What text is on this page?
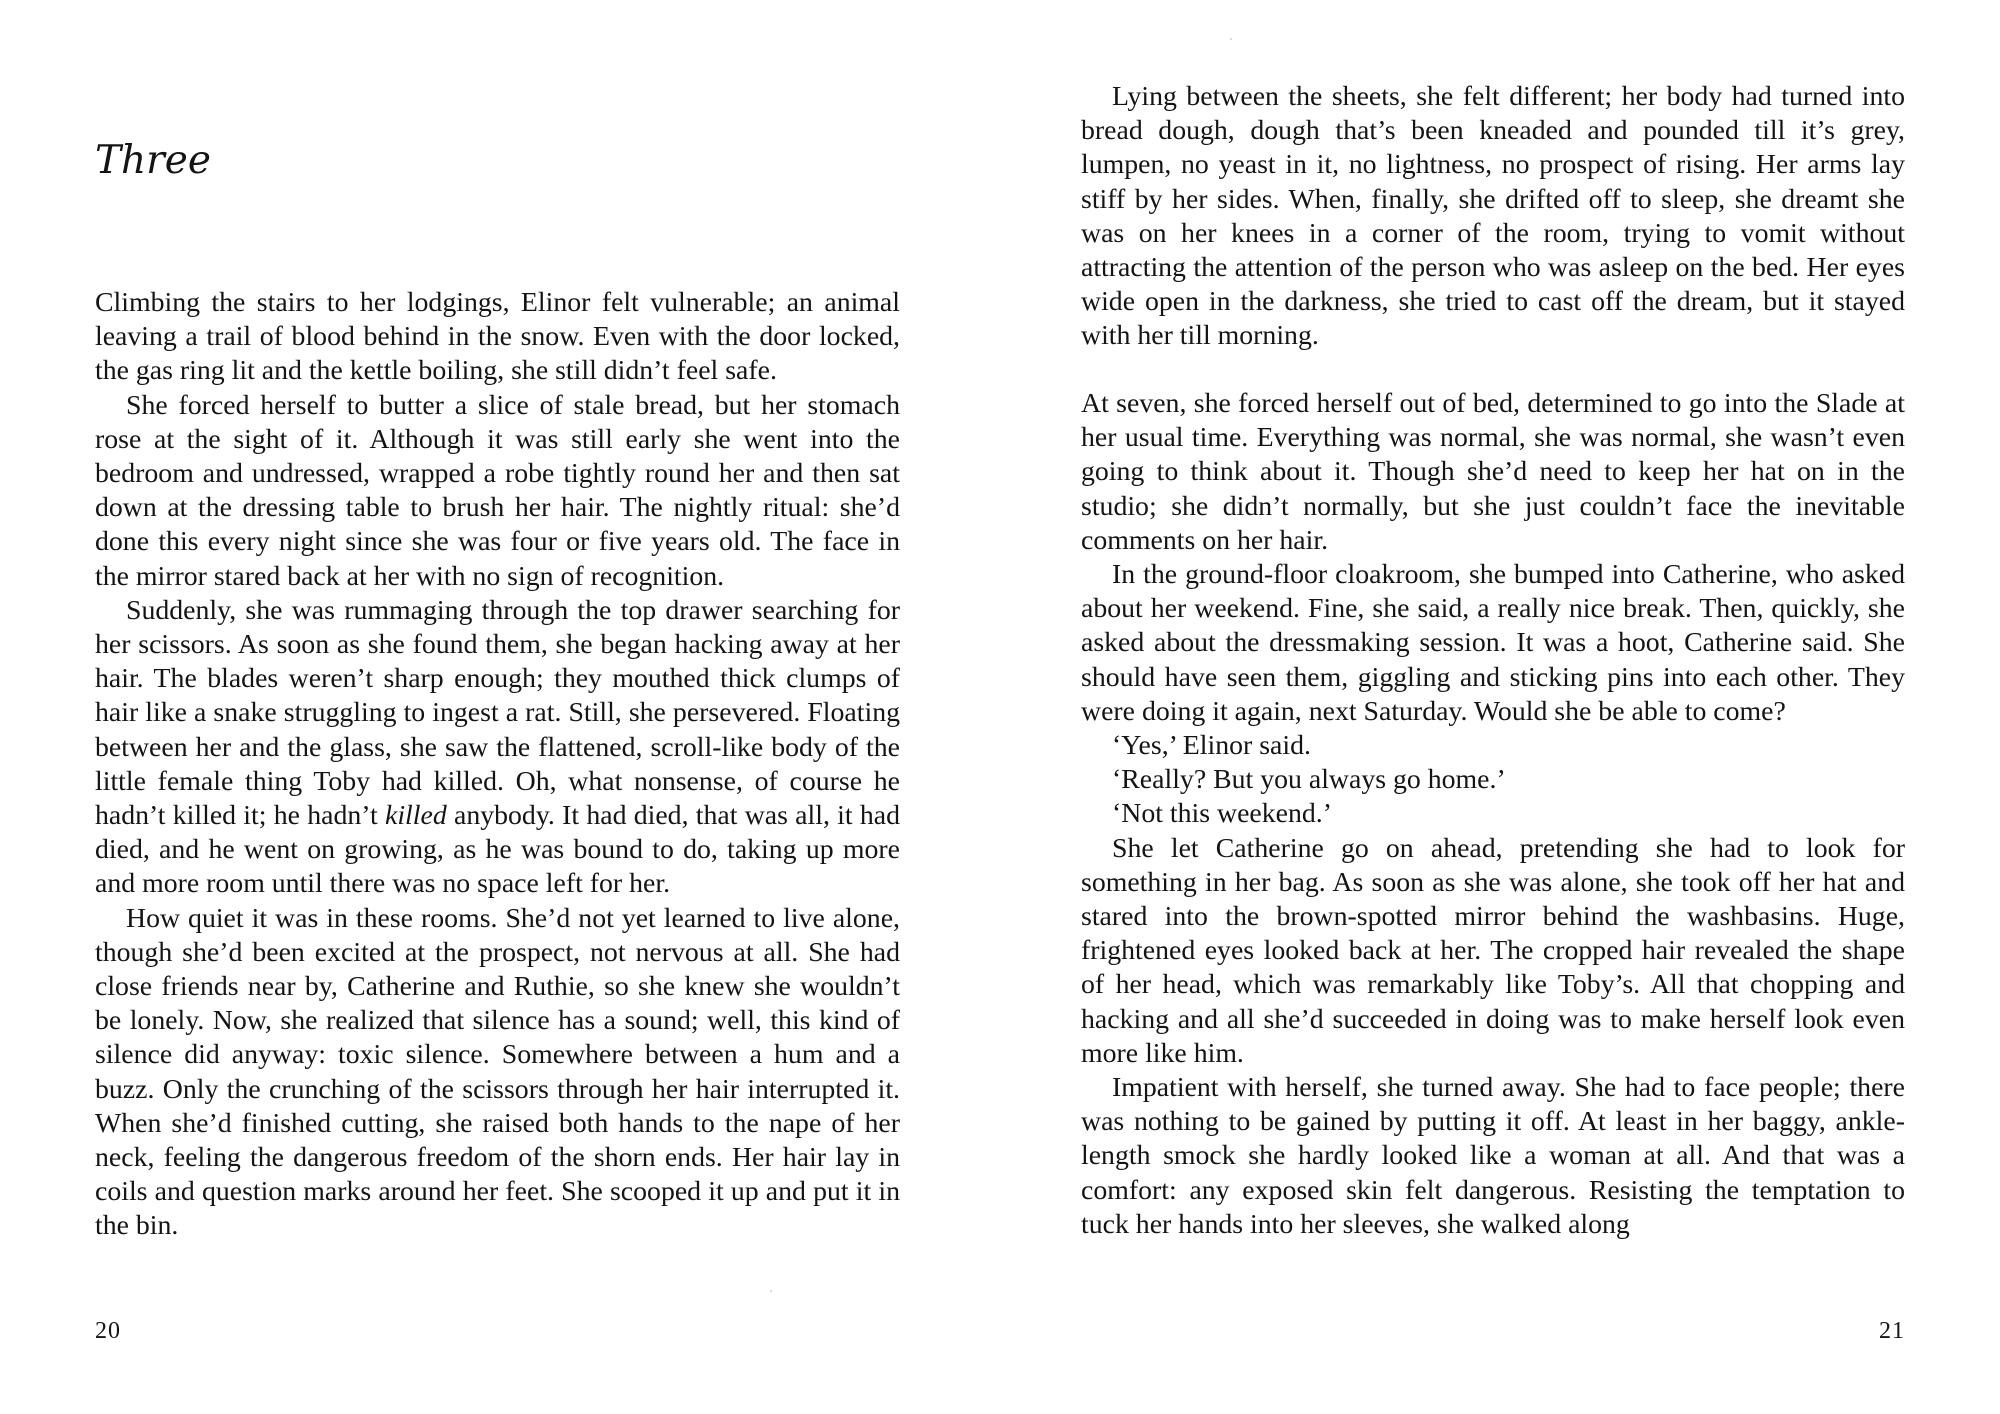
Three

Climbing the stairs to her lodgings, Elinor felt vulnerable; an animal leaving a trail of blood behind in the snow. Even with the door locked, the gas ring lit and the kettle boiling, she still didn’t feel safe.

She forced herself to butter a slice of stale bread, but her stomach rose at the sight of it. Although it was still early she went into the bedroom and undressed, wrapped a robe tightly round her and then sat down at the dressing table to brush her hair. The nightly ritual: she’d done this every night since she was four or five years old. The face in the mirror stared back at her with no sign of recognition.

Suddenly, she was rummaging through the top drawer searching for her scissors. As soon as she found them, she began hacking away at her hair. The blades weren’t sharp enough; they mouthed thick clumps of hair like a snake struggling to ingest a rat. Still, she persevered. Floating between her and the glass, she saw the flattened, scroll-like body of the little female thing Toby had killed. Oh, what nonsense, of course he hadn’t killed it; he hadn’t killed anybody. It had died, that was all, it had died, and he went on growing, as he was bound to do, taking up more and more room until there was no space left for her.

How quiet it was in these rooms. She’d not yet learned to live alone, though she’d been excited at the prospect, not nervous at all. She had close friends near by, Catherine and Ruthie, so she knew she wouldn’t be lonely. Now, she realized that silence has a sound; well, this kind of silence did anyway: toxic silence. Somewhere between a hum and a buzz. Only the crunching of the scissors through her hair interrupted it. When she’d finished cutting, she raised both hands to the nape of her neck, feeling the dangerous freedom of the shorn ends. Her hair lay in coils and question marks around her feet. She scooped it up and put it in the bin.

20

Lying between the sheets, she felt different; her body had turned into bread dough, dough that’s been kneaded and pounded till it’s grey, lumpen, no yeast in it, no lightness, no prospect of rising. Her arms lay stiff by her sides. When, finally, she drifted off to sleep, she dreamt she was on her knees in a corner of the room, trying to vomit without attracting the attention of the person who was asleep on the bed. Her eyes wide open in the darkness, she tried to cast off the dream, but it stayed with her till morning.

At seven, she forced herself out of bed, determined to go into the Slade at her usual time. Everything was normal, she was normal, she wasn’t even going to think about it. Though she’d need to keep her hat on in the studio; she didn’t normally, but she just couldn’t face the inevitable comments on her hair.

In the ground-floor cloakroom, she bumped into Catherine, who asked about her weekend. Fine, she said, a really nice break. Then, quickly, she asked about the dressmaking session. It was a hoot, Catherine said. She should have seen them, giggling and sticking pins into each other. They were doing it again, next Saturday. Would she be able to come?

‘Yes,’ Elinor said.

‘Really? But you always go home.’

‘Not this weekend.’

She let Catherine go on ahead, pretending she had to look for something in her bag. As soon as she was alone, she took off her hat and stared into the brown-spotted mirror behind the washbasins. Huge, frightened eyes looked back at her. The cropped hair revealed the shape of her head, which was remarkably like Toby’s. All that chopping and hacking and all she’d succeeded in doing was to make herself look even more like him.

Impatient with herself, she turned away. She had to face people; there was nothing to be gained by putting it off. At least in her baggy, ankle-length smock she hardly looked like a woman at all. And that was a comfort: any exposed skin felt dangerous. Resisting the temptation to tuck her hands into her sleeves, she walked along

21
